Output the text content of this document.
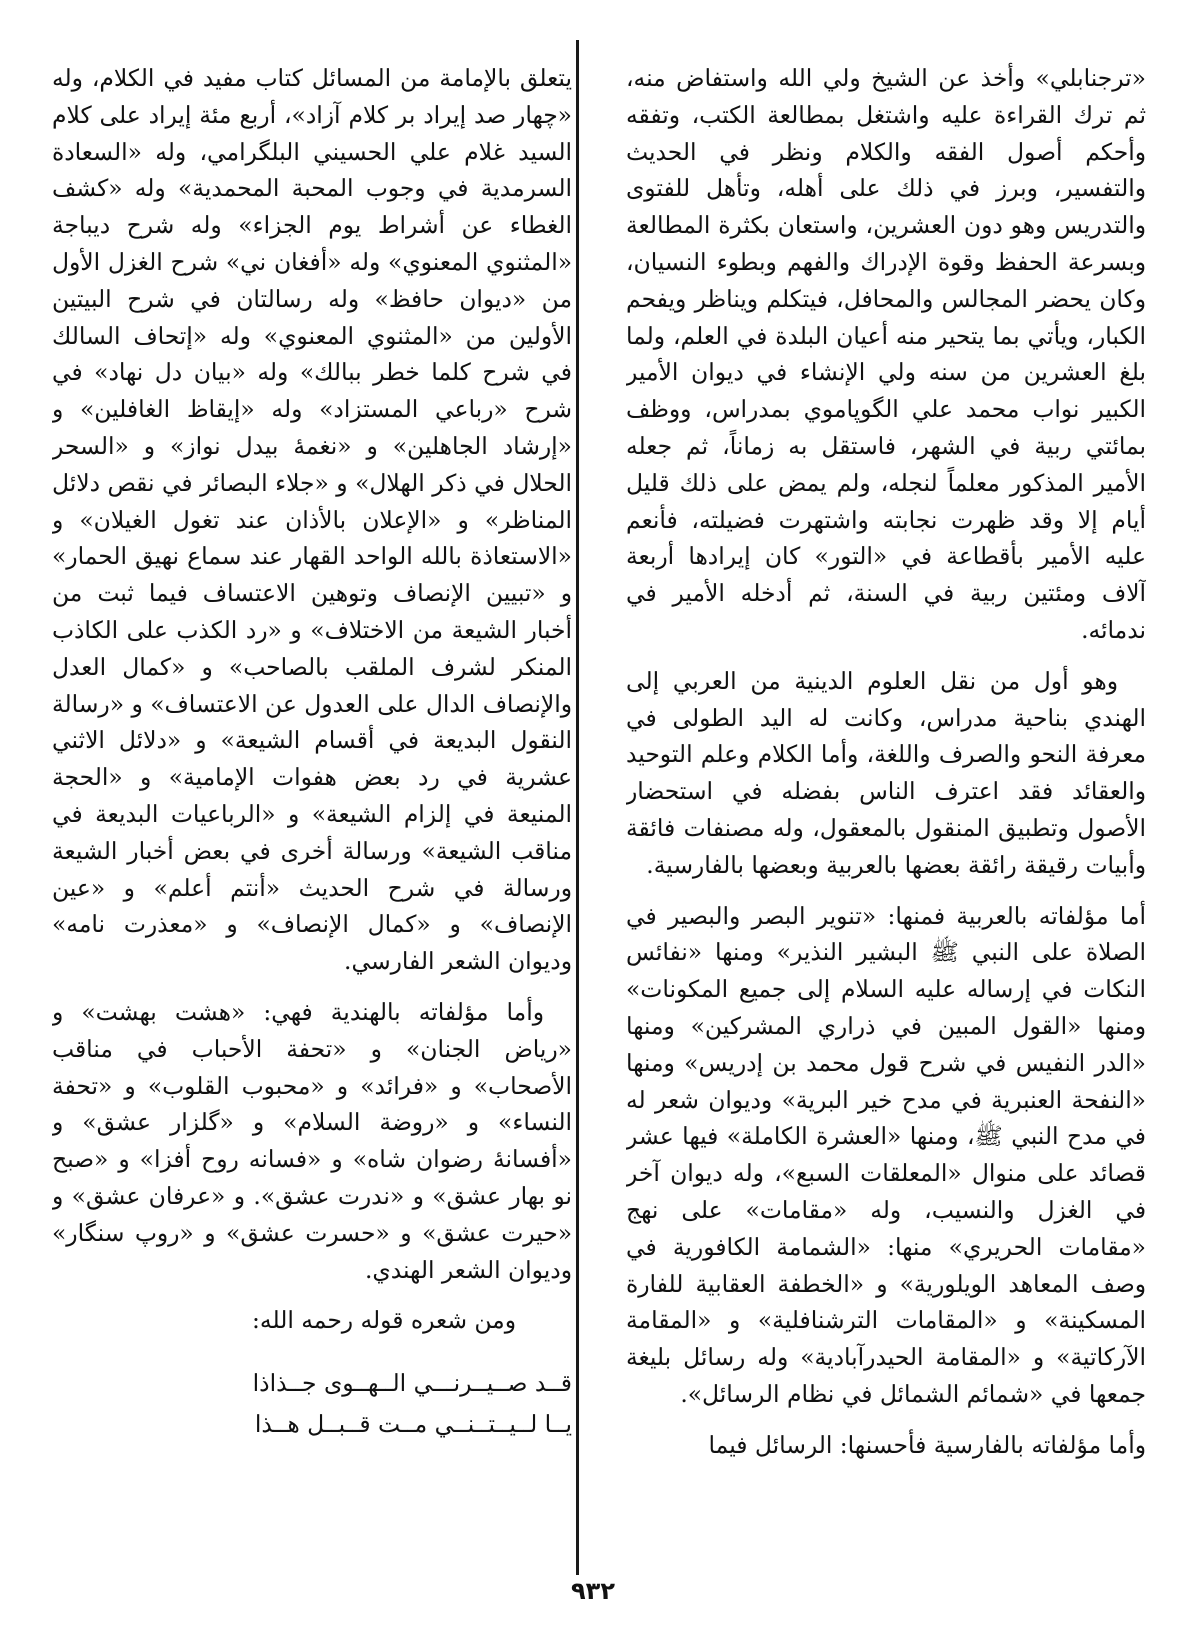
«ترجنابلي» وأخذ عن الشيخ ولي الله واستفاض منه، ثم ترك القراءة عليه واشتغل بمطالعة الكتب، وتفقه وأحكم أصول الفقه والكلام ونظر في الحديث والتفسير، وبرز في ذلك على أهله، وتأهل للفتوى والتدريس وهو دون العشرين، واستعان بكثرة المطالعة وبسرعة الحفظ وقوة الإدراك والفهم وبطوء النسيان، وكان يحضر المجالس والمحافل، فيتكلم ويناظر ويفحم الكبار، ويأتي بما يتحير منه أعيان البلدة في العلم، ولما بلغ العشرين من سنه ولي الإنشاء في ديوان الأمير الكبير نواب محمد علي الگوپاموي بمدراس، ووظف بمائتي ربية في الشهر، فاستقل به زماناً، ثم جعله الأمير المذكور معلماً لنجله، ولم يمض على ذلك قليل أيام إلا وقد ظهرت نجابته واشتهرت فضيلته، فأنعم عليه الأمير بأقطاعة في «التور» كان إيرادها أربعة آلاف ومئتين ربية في السنة، ثم أدخله الأمير في ندمائه.

وهو أول من نقل العلوم الدينية من العربي إلى الهندي بناحية مدراس، وكانت له اليد الطولى في معرفة النحو والصرف واللغة، وأما الكلام وعلم التوحيد والعقائد فقد اعترف الناس بفضله في استحضار الأصول وتطبيق المنقول بالمعقول، وله مصنفات فائقة وأبيات رقيقة رائقة بعضها بالعربية وبعضها بالفارسية.

أما مؤلفاته بالعربية فمنها: «تنوير البصر والبصير في الصلاة على النبي ﷺ البشير النذير» ومنها «نفائس النكات في إرساله عليه السلام إلى جميع المكونات» ومنها «القول المبين في ذراري المشركين» ومنها «الدر النفيس في شرح قول محمد بن إدريس» ومنها «النفحة العنبرية في مدح خير البرية» وديوان شعر له في مدح النبي ﷺ، ومنها «العشرة الكاملة» فيها عشر قصائد على منوال «المعلقات السبع»، وله ديوان آخر في الغزل والنسيب، وله «مقامات» على نهج «مقامات الحريري» منها: «الشمامة الكافورية في وصف المعاهد الويلورية» و «الخطفة العقابية للفارة المسكينة» و «المقامات الترشنافلية» و «المقامة الآركاتية» و «المقامة الحيدرآبادية» وله رسائل بليغة جمعها في «شمائم الشمائل في نظام الرسائل».

وأما مؤلفاته بالفارسية فأحسنها: الرسائل فيما

يتعلق بالإمامة من المسائل كتاب مفيد في الكلام، وله «چهار صد إيراد بر كلام آزاد»، أربع مئة إيراد على كلام السيد غلام علي الحسيني البلگرامي، وله «السعادة السرمدية في وجوب المحبة المحمدية» وله «كشف الغطاء عن أشراط يوم الجزاء» وله شرح ديباجة «المثنوي المعنوي» وله «أفغان ني» شرح الغزل الأول من «ديوان حافظ» وله رسالتان في شرح البيتين الأولين من «المثنوي المعنوي» وله «إتحاف السالك في شرح كلما خطر ببالك» وله «بيان دل نهاد» في شرح «رباعي المستزاد» وله «إيقاظ الغافلين» و «إرشاد الجاهلين» و «نغمهٔ بيدل نواز» و «السحر الحلال في ذكر الهلال» و «جلاء البصائر في نقص دلائل المناظر» و «الإعلان بالأذان عند تغول الغيلان» و «الاستعاذة بالله الواحد القهار عند سماع نهيق الحمار» و «تبيين الإنصاف وتوهين الاعتساف فيما ثبت من أخبار الشيعة من الاختلاف» و «رد الكذب على الكاذب المنكر لشرف الملقب بالصاحب» و «كمال العدل والإنصاف الدال على العدول عن الاعتساف» و «رسالة النقول البديعة في أقسام الشيعة» و «دلائل الاثني عشرية في رد بعض هفوات الإمامية» و «الحجة المنيعة في إلزام الشيعة» و «الرباعيات البديعة في مناقب الشيعة» ورسالة أخرى في بعض أخبار الشيعة ورسالة في شرح الحديث «أنتم أعلم» و «عين الإنصاف» و «كمال الإنصاف» و «معذرت نامه» وديوان الشعر الفارسي.

وأما مؤلفاته بالهندية فهي: «هشت بهشت» و «رياض الجنان» و «تحفة الأحباب في مناقب الأصحاب» و «فرائد» و «محبوب القلوب» و «تحفة النساء» و «روضة السلام» و «گلزار عشق» و «أفسانهٔ رضوان شاه» و «فسانه روح أفزا» و «صبح نو بهار عشق» و «ندرت عشق». و «عرفان عشق» و «حيرت عشق» و «حسرت عشق» و «روپ سنگار» وديوان الشعر الهندي.

ومن شعره قوله رحمه الله:

قــد صــيــرنـــي الــهــوى جــذاذا

يــا لــيــتــنــي مــت قــبــل هــذا

٩٣٢
